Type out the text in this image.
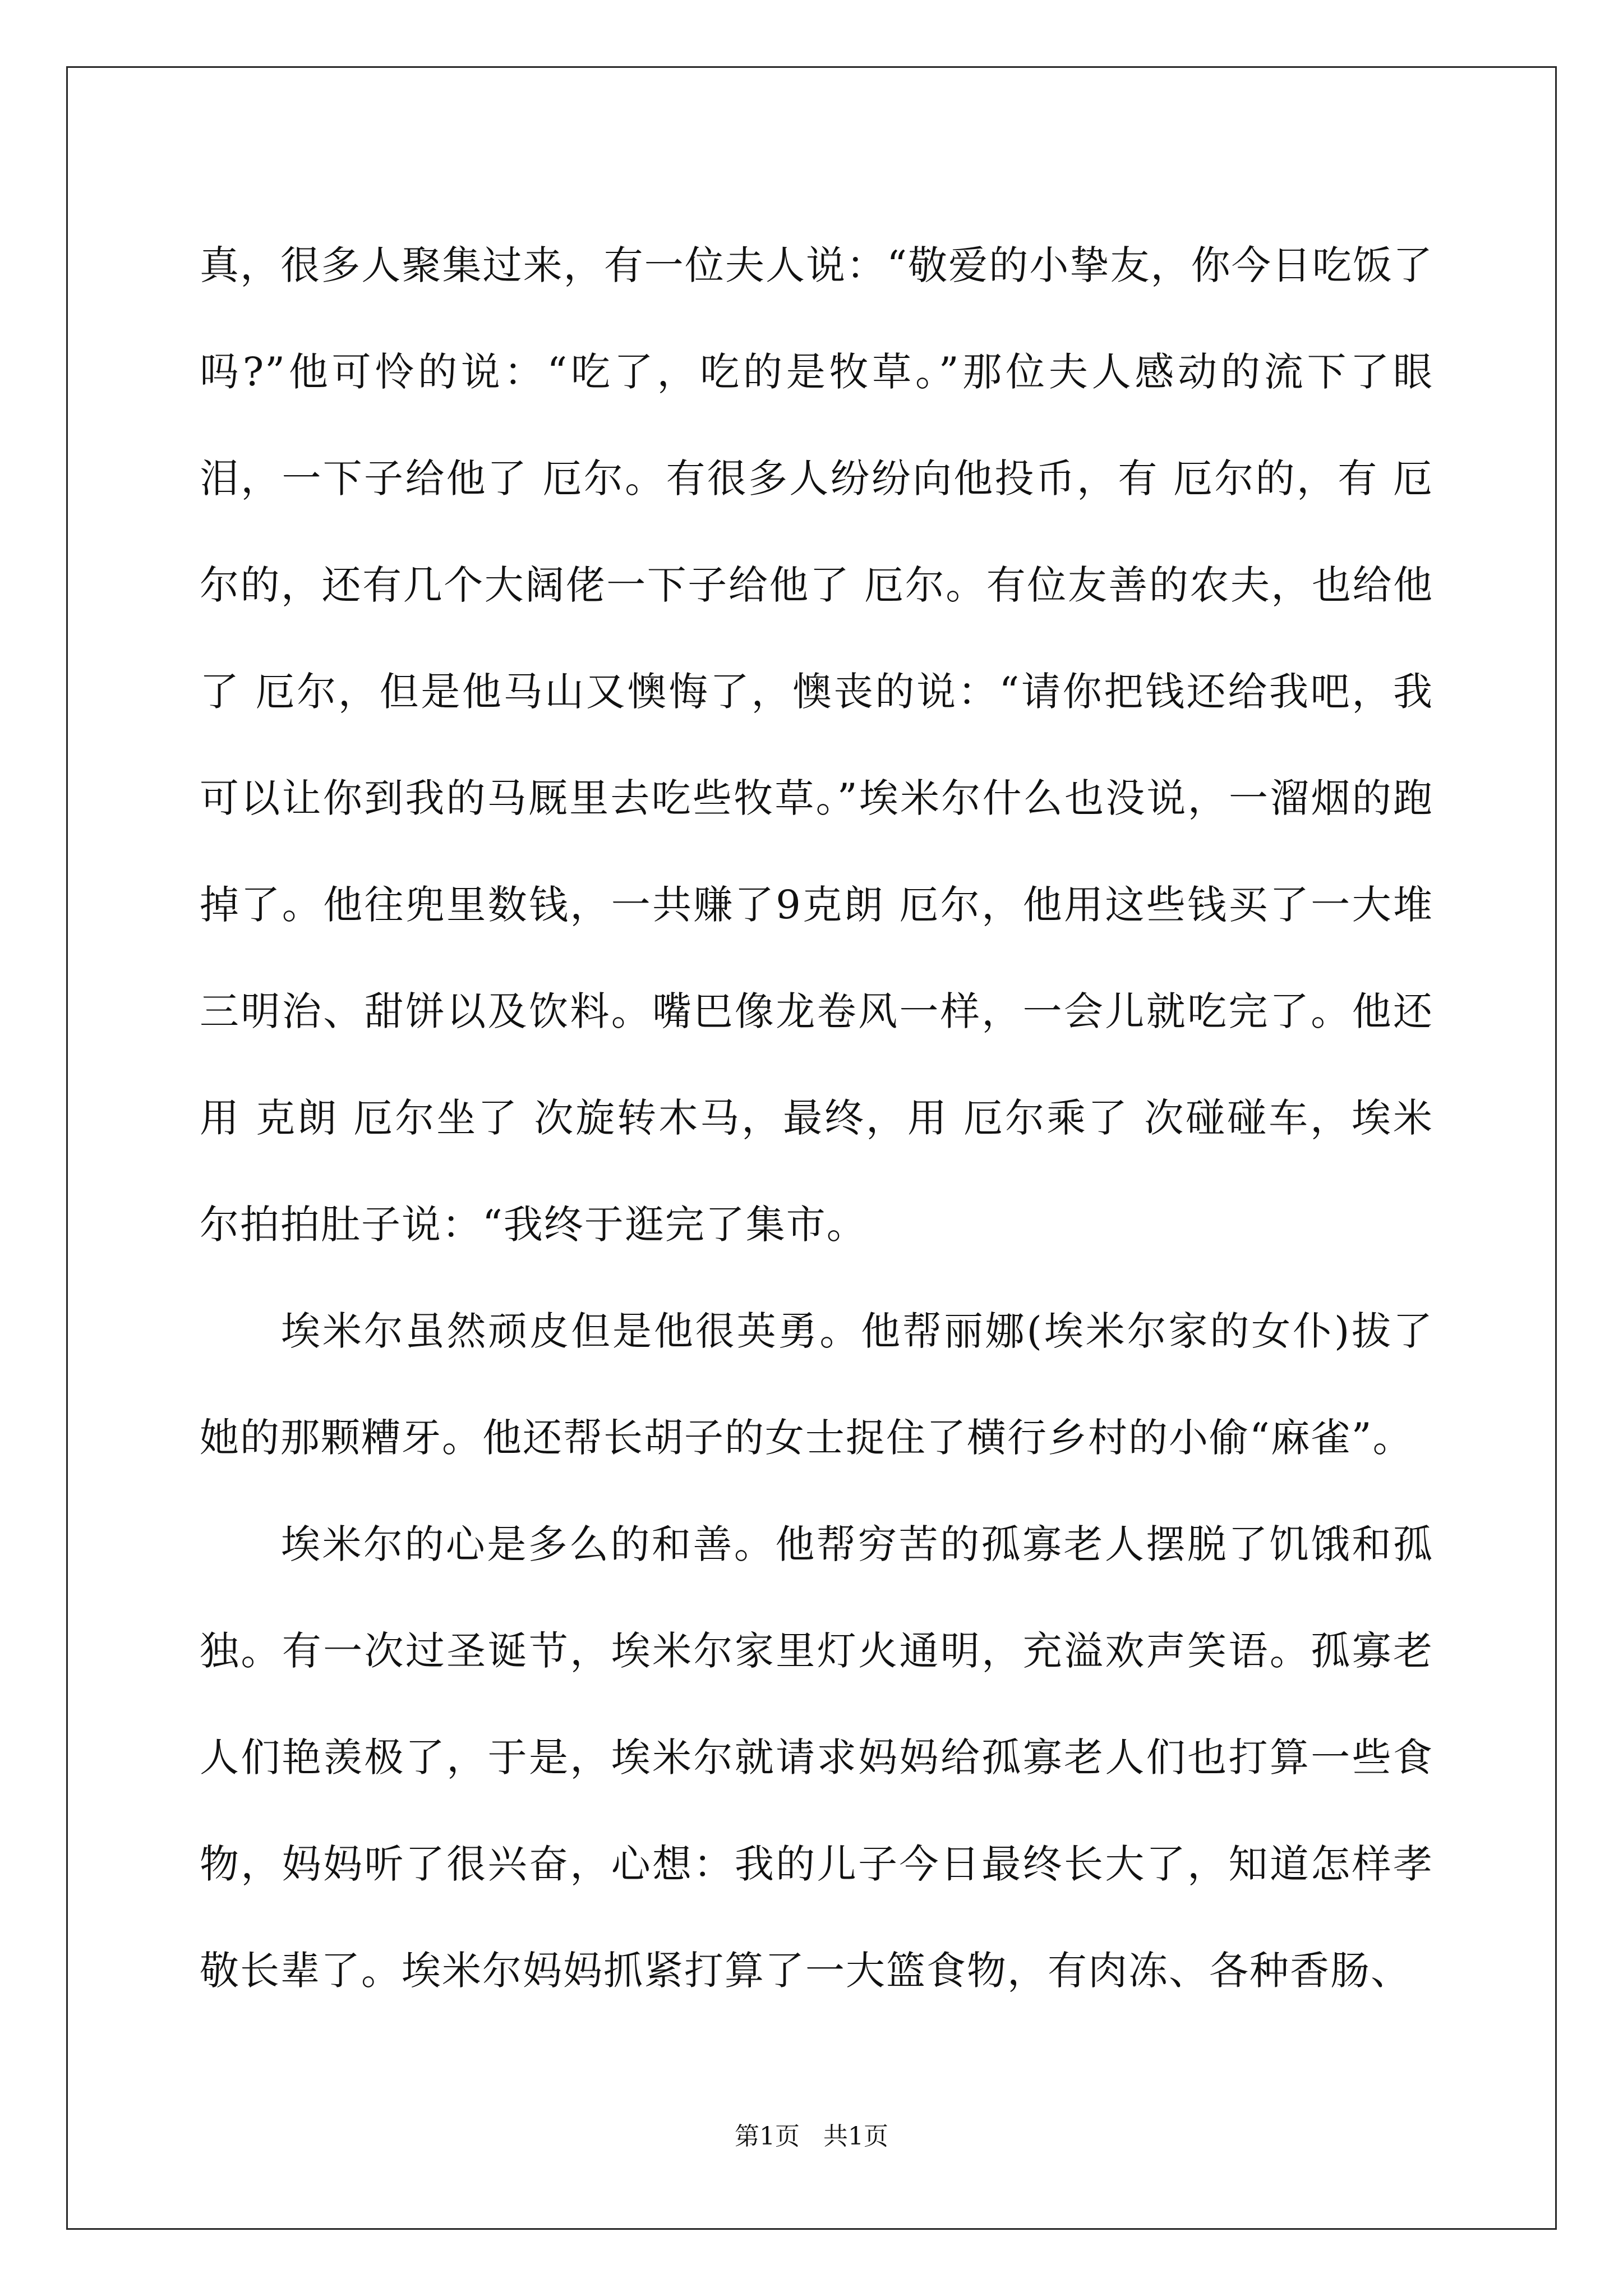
真，很多人聚集过来，有一位夫人说：“敬爱的小挚友，你今日吃饭了吗?”他可怜的说：“吃了，吃的是牧草。”那位夫人感动的流下了眼泪，一下子给他了 厄尔。有很多人纷纷向他投币，有 厄尔的，有 厄尔的，还有几个大阔佬一下子给他了 厄尔。有位友善的农夫，也给他了 厄尔，但是他马山又懊悔了，懊丧的说：“请你把钱还给我吧，我可以让你到我的马厩里去吃些牧草。”埃米尔什么也没说，一溜烟的跑掉了。他往兜里数钱，一共赚了9克朗 厄尔，他用这些钱买了一大堆三明治、甜饼以及饮料。嘴巴像龙卷风一样，一会儿就吃完了。他还用 克朗 厄尔坐了 次旋转木马，最终，用 厄尔乘了 次碰碰车，埃米尔拍拍肚子说：“我终于逛完了集市。

埃米尔虽然顽皮但是他很英勇。他帮丽娜(埃米尔家的女仆)拔了她的那颗糟牙。他还帮长胡子的女士捉住了横行乡村的小偷“麻雀”。

埃米尔的心是多么的和善。他帮穷苦的孤寡老人摆脱了饥饿和孤独。有一次过圣诞节，埃米尔家里灯火通明，充溢欢声笑语。孤寡老人们艳羡极了，于是，埃米尔就请求妈妈给孤寡老人们也打算一些食物，妈妈听了很兴奋，心想：我的儿子今日最终长大了，知道怎样孝敬长辈了。埃米尔妈妈抓紧打算了一大篮食物，有肉冻、各种香肠、

第1页 共1页
